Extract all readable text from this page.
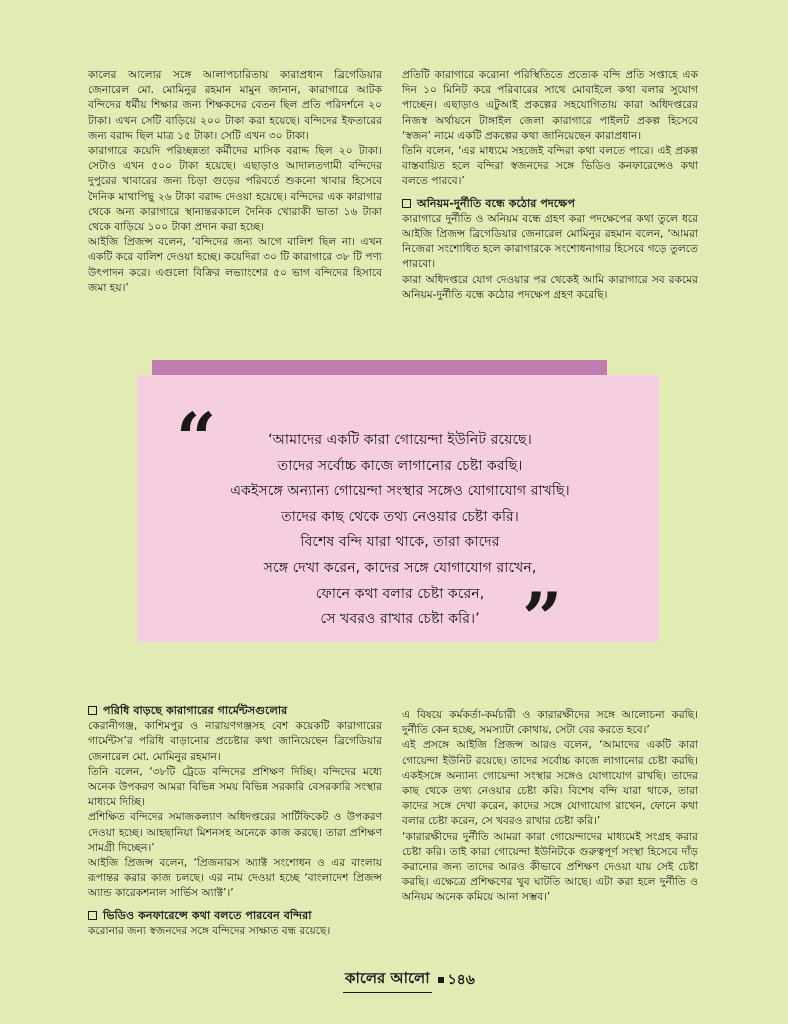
কালের আলোর সঙ্গে আলাপচারিতায় কারাপ্রধান ব্রিগেডিয়ার জেনারেল মো. মোমিনুর রহমান মামুন জানান, কারাগারে আটক বন্দিদের ধর্মীয় শিক্ষার জন্য শিক্ষকদের বেতন ছিল প্রতি পরিদর্শনে ২০ টাকা। এখন সেটি বাড়িয়ে ২০০ টাকা করা হয়েছে। বন্দিদের ইফতারের জন্য বরাদ্দ ছিল মাত্র ১৫ টাকা। সেটি এখন ৩০ টাকা।

কারাগারে কয়েদি পরিচ্ছন্নতা কর্মীদের মাসিক বরাদ্দ ছিল ২০ টাকা। সেটাও এখন ৫০০ টাকা হয়েছে। এছাড়াও আদালতগামী বন্দিদের দুপুরের খাবারের জন্য চিড়া গুড়ের পরিবর্তে শুকনো খাবার হিসেবে দৈনিক মাথাপিছু ২৬ টাকা বরাদ্দ দেওয়া হয়েছে। বন্দিদের এক কারাগার থেকে অন্য কারাগারে স্থানান্তরকালে দৈনিক খোরাকী ভাতা ১৬ টাকা থেকে বাড়িয়ে ১০০ টাকা প্রদান করা হচ্ছে।

আইজি প্রিজন্স বলেন, ‘বন্দিদের জন্য আগে বালিশ ছিল না। এখন একটি করে বালিশ দেওয়া হচ্ছে। কয়েদিরা ৩০ টি কারাগারে ৩৮ টি পণ্য উৎপাদন করে। এগুলো বিক্রির লভ্যাংশের ৫০ ভাগ বন্দিদের হিসাবে জমা হয়।’

প্রতিটি কারাগারে করোনা পরিস্থিতিতে প্রত্যেক বন্দি প্রতি সপ্তাহে এক দিন ১০ মিনিট করে পরিবারের সাথে মোবাইলে কথা বলার সুযোগ পাচ্ছেন। এছাড়াও এটুআই প্রকল্পের সহযোগিতায় কারা অধিদপ্তরের নিজস্ব অর্থায়নে টাঙ্গাইল জেলা কারাগারে পাইলট প্রকল্প হিসেবে ‘স্বজন’ নামে একটি প্রকল্পের কথা জানিয়েছেন কারাপ্রধান।

তিনি বলেন, ‘এর মাধ্যমে সহজেই বন্দিরা কথা বলতে পারে। এই প্রকল্প বাস্তবায়িত হলে বন্দিরা স্বজনদের সঙ্গে ভিডিও কনফারেন্সেও কথা বলতে পারবে।’

অনিয়ম-দুর্নীতি বন্ধে কঠোর পদক্ষেপ

কারাগারে দুর্নীতি ও অনিয়ম বন্ধে গ্রহণ করা পদক্ষেপের কথা তুলে ধরে আইজি প্রিজন্স ব্রিগেডিয়ার জেনারেল মোমিনুর রহমান বলেন, ‘আমরা নিজেরা সংশোধিত হলে কারাগারকে সংশোধনাগার হিসেবে গড়ে তুলতে পারবো।

কারা অধিদপ্তরে যোগ দেওয়ার পর থেকেই আমি কারাগারে সব রকমের অনিয়ম-দুর্নীতি বন্ধে কঠোর পদক্ষেপ গ্রহণ করেছি।

“	‘আমাদের একটি কারা গোয়েন্দা ইউনিট রয়েছে।
তাদের সর্বোচ্চ কাজে লাগানোর চেষ্টা করছি।
একইসঙ্গে অন্যান্য গোয়েন্দা সংস্থার সঙ্গেও যোগাযোগ রাখছি।
তাদের কাছ থেকে তথ্য নেওয়ার চেষ্টা করি।
বিশেষ বন্দি যারা থাকে, তারা কাদের
সঙ্গে দেখা করেন, কাদের সঙ্গে যোগাযোগ রাখেন,
ফোনে কথা বলার চেষ্টা করেন,
সে খবরও রাখার চেষ্টা করি।’ ”
পরিধি বাড়ছে কারাগারের গার্মেন্টসগুলোর

কেরানীগঞ্জ, কাশিমপুর ও নারায়ণগঞ্জসহ বেশ কয়েকটি কারাগারের গার্মেন্টস’র পরিধি বাড়ানোর প্রচেষ্টার কথা জানিয়েছেন ব্রিগেডিয়ার জেনারেল মো. মোমিনুর রহমান।

তিনি বলেন, ‘৩৮টি ট্রেডে বন্দিদের প্রশিক্ষণ দিচ্ছি। বন্দিদের মধ্যে অনেক উপকরণ আমরা বিভিন্ন সময় বিভিন্ন সরকারি বেসরকারি সংস্থার মাধ্যমে দিচ্ছি।

প্রশিক্ষিত বন্দিদের সমাজকল্যাণ অধিদপ্তরের সার্টিফিকেট ও উপকরণ দেওয়া হচ্ছে। আহছানিয়া মিশনসহ অনেকে কাজ করছে। তারা প্রশিক্ষণ সামগ্রী দিচ্ছেন।’

আইজি প্রিজন্স বলেন, ‘প্রিজনারস অ্যাক্ট সংশোধন ও এর বাংলায় রূপান্তর করার কাজ চলছে। এর নাম দেওয়া হচ্ছে ‘বাংলাদেশ প্রিজন্স অ্যান্ড কারেকশনাল সার্ভিস অ্যাক্ট’।’

ভিডিও কনফারেন্সে কথা বলতে পারবেন বন্দিরা

করোনার জন্য স্বজনদের সঙ্গে বন্দিদের সাক্ষাত বন্ধ রয়েছে।

এ বিষয়ে কর্মকর্তা-কর্মচারী ও কারারক্ষীদের সঙ্গে আলোচনা করছি। দুর্নীতি কেন হচ্ছে, সমস্যাটা কোথায়, সেটা বের করতে হবে।’

এই প্রসঙ্গে আইজি প্রিজন্স আরও বলেন, ‘আমাদের একটি কারা গোয়েন্দা ইউনিট রয়েছে। তাদের সর্বোচ্চ কাজে লাগানোর চেষ্টা করছি। একইসঙ্গে অন্যান্য গোয়েন্দা সংস্থার সঙ্গেও যোগাযোগ রাখছি। তাদের কাছ থেকে তথ্য নেওয়ার চেষ্টা করি। বিশেষ বন্দি যারা থাকে, তারা কাদের সঙ্গে দেখা করেন, কাদের সঙ্গে যোগাযোগ রাখেন, ফোনে কথা বলার চেষ্টা করেন, সে খবরও রাখার চেষ্টা করি।’

‘কারারক্ষীদের দুর্নীতি আমরা কারা গোয়েন্দাদের মাধ্যমেই সংগ্রহ করার চেষ্টা করি। তাই কারা গোয়েন্দা ইউনিটকে গুরুত্বপূর্ণ সংস্থা হিসেবে দাঁড় করানোর জন্য তাদের আরও কীভাবে প্রশিক্ষণ দেওয়া যায় সেই চেষ্টা করছি। এক্ষেত্রে প্রশিক্ষণের খুব ঘাটতি আছে। এটা করা হলে দুর্নীতি ও অনিয়ম অনেক কমিয়ে আনা সম্ভব।’

কালের আলো ১৪৬
